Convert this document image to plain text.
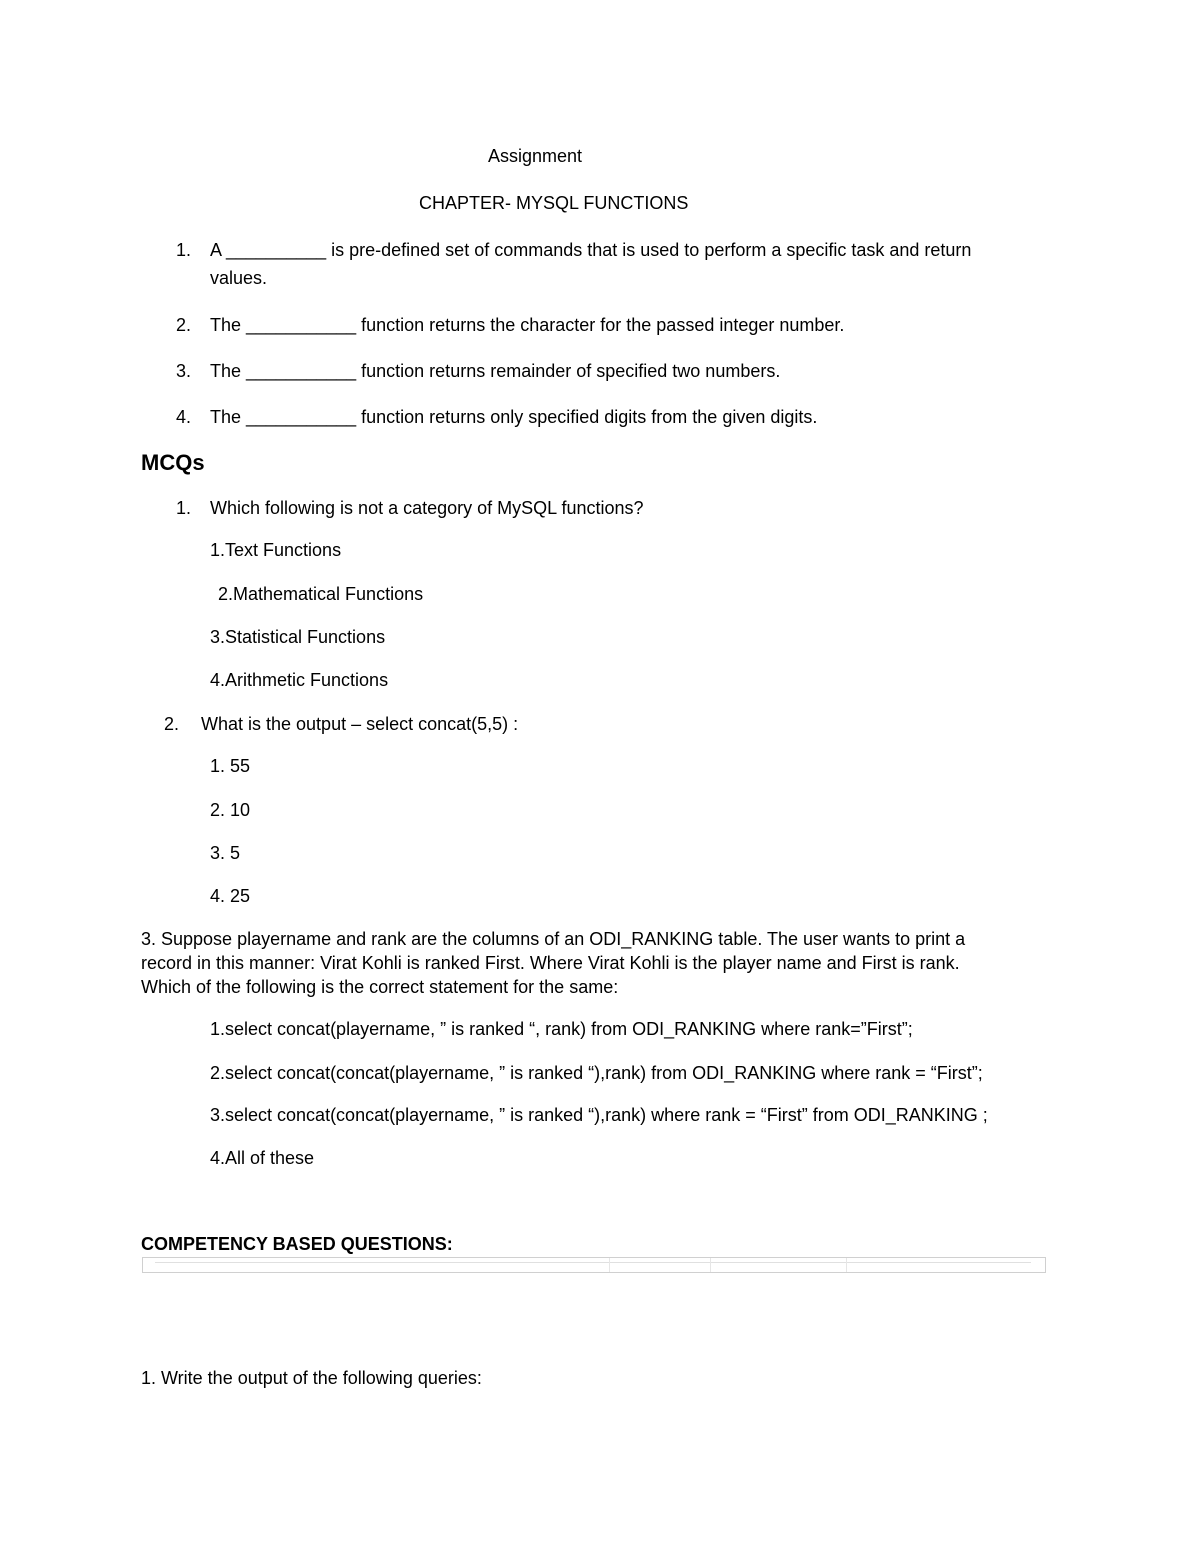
Assignment
CHAPTER- MYSQL FUNCTIONS
1. A __________ is pre-defined set of commands that is used to perform a specific task and return
values.
2. The ___________ function returns the character for the passed integer number.
3. The ___________ function returns remainder of specified two numbers.
4. The ___________ function returns only specified digits from the given digits.
MCQs
1. Which following is not a category of MySQL functions?
1.Text Functions
2.Mathematical Functions
3.Statistical Functions
4.Arithmetic Functions
2. What is the output – select concat(5,5) :
1. 55
2. 10
3. 5
4. 25
3. Suppose playername and rank are the columns of an ODI_RANKING table. The user wants to print a
record in this manner: Virat Kohli is ranked First. Where Virat Kohli is the player name and First is rank.
Which of the following is the correct statement for the same:
1.select concat(playername, ” is ranked “, rank) from ODI_RANKING where rank=”First”;
2.select concat(concat(playername, ” is ranked “),rank) from ODI_RANKING where rank = “First”;
3.select concat(concat(playername, ” is ranked “),rank) where rank = “First” from ODI_RANKING ;
4.All of these
COMPETENCY BASED QUESTIONS:
1. Write the output of the following queries:
